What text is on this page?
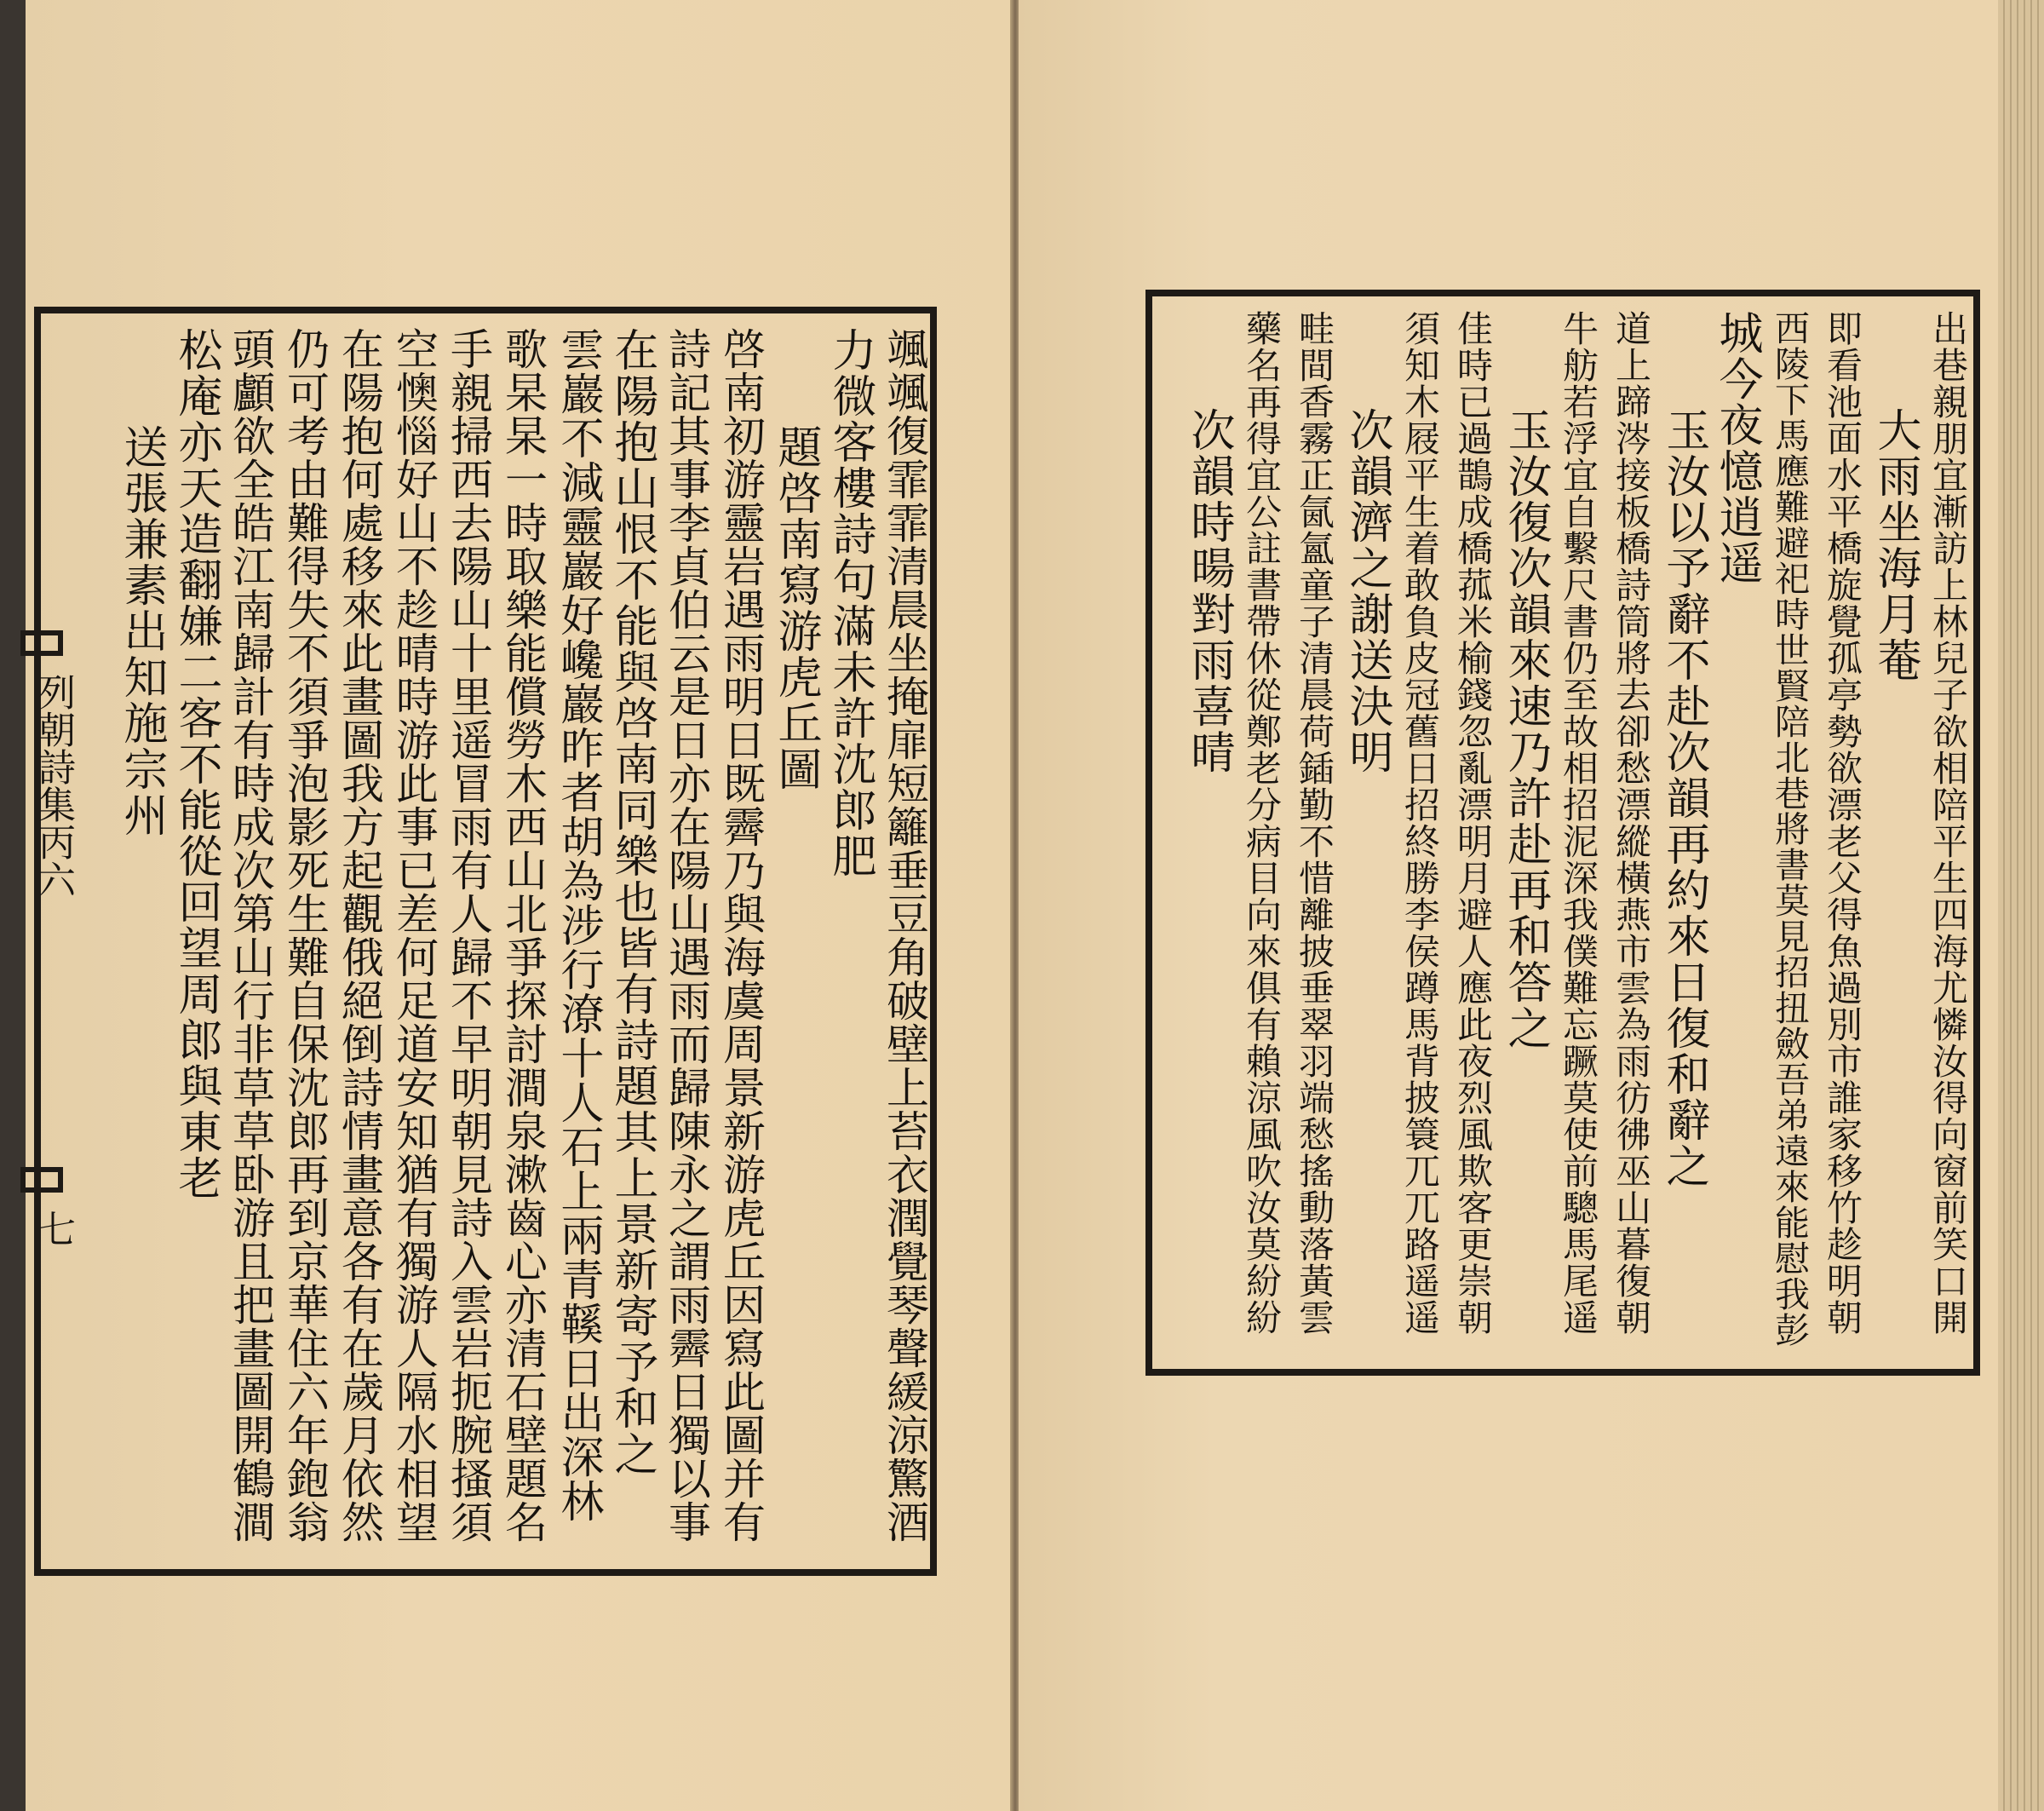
颯颯復霏霏清晨坐掩扉短籬垂豆角破壁上苔衣潤覺琴聲緩涼驚酒
力微客樓詩句滿未許沈郎肥
題啓南寫游虎丘圖
啓南初游靈岩遇雨明日既霽乃與海虞周景新游虎丘因寫此圖并有
詩記其事李貞伯云是日亦在陽山遇雨而歸陳永之謂雨霽日獨以事
在陽抱山恨不能與啓南同樂也皆有詩題其上景新寄予和之
雲巖不減靈巖好巉巖昨者胡為涉行潦十人石上兩青鞵日出深林
歌杲杲一時取樂能償勞木西山北爭探討澗泉漱齒心亦清石壁題名
手親掃西去陽山十里遥冒雨有人歸不早明朝見詩入雲岩扼腕搔須
空懊惱好山不趁晴時游此事已差何足道安知猶有獨游人隔水相望
在陽抱何處移來此畫圖我方起觀俄絕倒詩情畫意各有在歲月依然
仍可考由難得失不須爭泡影死生難自保沈郎再到京華住六年鉋翁
頭顱欲全皓江南歸計有時成次第山行非草草卧游且把畫圖開鶴澗
松庵亦天造翻嫌二客不能從回望周郎與東老
送張兼素出知施宗州
列朝詩集丙六
七	出巷親朋宜漸訪上林兒子欲相陪平生四海尤憐汝得向窗前笑口開
大雨坐海月菴
即看池面水平橋旋覺孤亭勢欲漂老父得魚過別市誰家移竹趁明朝
西陵下馬應難避祀時世賢陪北巷將書莫見招扭斂吾弟遠來能慰我彭
城今夜憶逍遥
玉汝以予辭不赴次韻再約來日復和辭之
道上蹄涔接板橋詩筒將去卻愁漂縱橫燕市雲為雨彷彿巫山暮復朝
牛舫若浮宜自繫尺書仍至故相招泥深我僕難忘蹶莫使前驄馬尾遥
玉汝復次韻來速乃許赴再和答之
佳時已過鵲成橋菰米榆錢忽亂漂明月避人應此夜烈風欺客更崇朝
須知木屐平生着敢負皮冠舊日招終勝李侯蹲馬背披簑兀兀路遥遥
次韻濟之謝送決明
畦間香霧正氤氳童子清晨荷鍤勤不惜離披垂翠羽端愁搖動落黃雲
藥名再得宜公註書帶休從鄭老分病目向來俱有賴涼風吹汝莫紛紛
次韻時暘對雨喜晴
